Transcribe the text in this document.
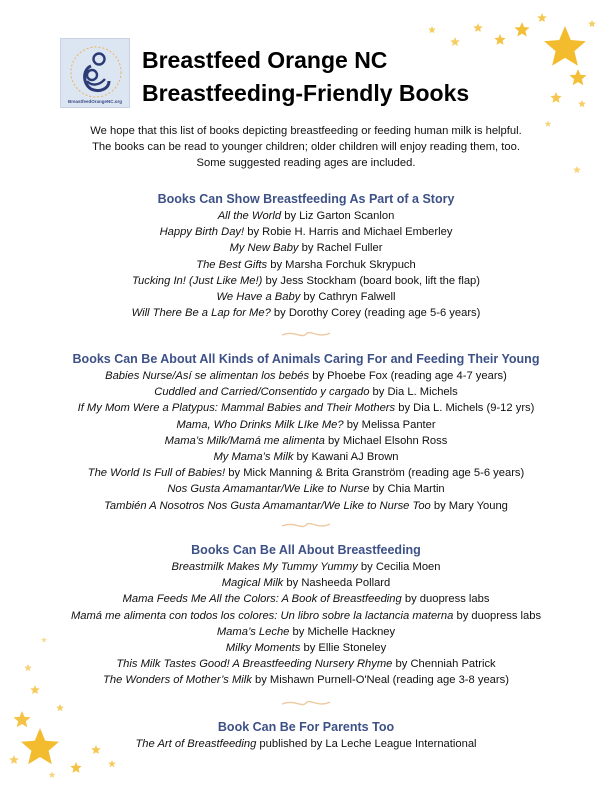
BreastfeedOrangeNC.org
Breastfeed Orange NC
Breastfeeding-Friendly Books
We hope that this list of books depicting breastfeeding or feeding human milk is helpful.
The books can be read to younger children; older children will enjoy reading them, too.
Some suggested reading ages are included.
Books Can Show Breastfeeding As Part of a Story
All the World by Liz Garton Scanlon
Happy Birth Day! by Robie H. Harris and Michael Emberley
My New Baby by Rachel Fuller
The Best Gifts by Marsha Forchuk Skrypuch
Tucking In! (Just Like Me!) by Jess Stockham (board book, lift the flap)
We Have a Baby by Cathryn Falwell
Will There Be a Lap for Me? by Dorothy Corey (reading age 5-6 years)
Books Can Be About All Kinds of Animals Caring For and Feeding Their Young
Babies Nurse/Así se alimentan los bebés by Phoebe Fox (reading age 4-7 years)
Cuddled and Carried/Consentido y cargado by Dia L. Michels
If My Mom Were a Platypus: Mammal Babies and Their Mothers by Dia L. Michels (9-12 yrs)
Mama, Who Drinks Milk LIke Me? by Melissa Panter
Mama’s Milk/Mamá me alimenta by Michael Elsohn Ross
My Mama’s Milk by Kawani AJ Brown
The World Is Full of Babies! by Mick Manning & Brita Granström (reading age 5-6 years)
Nos Gusta Amamantar/We Like to Nurse by Chia Martin
También A Nosotros Nos Gusta Amamantar/We Like to Nurse Too by Mary Young
Books Can Be All About Breastfeeding
Breastmilk Makes My Tummy Yummy by Cecilia Moen
Magical Milk by Nasheeda Pollard
Mama Feeds Me All the Colors: A Book of Breastfeeding by duopress labs
Mamá me alimenta con todos los colores: Un libro sobre la lactancia materna by duopress labs
Mama’s Leche by Michelle Hackney
Milky Moments by Ellie Stoneley
This Milk Tastes Good! A Breastfeeding Nursery Rhyme by Chenniah Patrick
The Wonders of Mother’s Milk by Mishawn Purnell-O'Neal (reading age 3-8 years)
Book Can Be For Parents Too
The Art of Breastfeeding published by La Leche League International
